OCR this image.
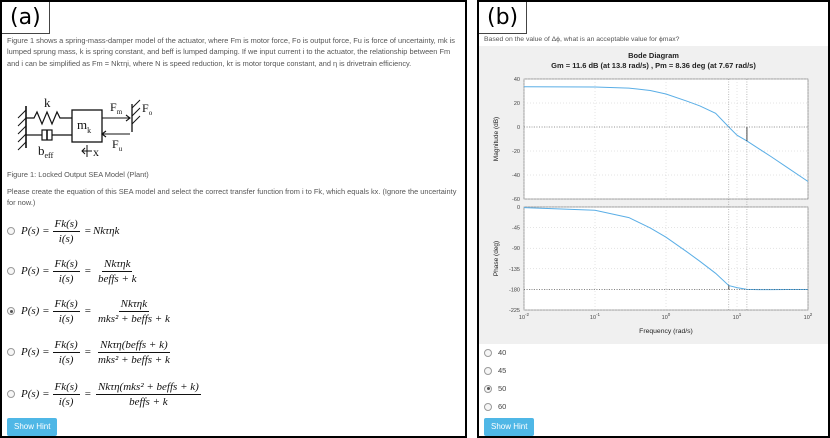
(a)
Figure 1 shows a spring-mass-damper model of the actuator, where Fm is motor force, Fo is output force, Fu is force of uncertainty, mk is lumped sprung mass, k is spring constant, and beff is lumped damping. If we input current i to the actuator, the relationship between Fm and i can be simplified as Fm = Nkτηi, where N is speed reduction, kτ is motor torque constant, and η is drivetrain efficiency.
k
$b_{eff}$
$m_k$
x
$F_m$ $F_o$
$F_u$
Figure 1: Locked Output SEA Model (Plant)
Please create the equation of this SEA model and select the correct transfer function from i to Fk, which equals kx. (Ignore the uncertainty for now.)
$P(s) = \frac{Fk(s)}{i(s)} = Nk\tau\eta k$
$P(s) = \frac{Fk(s)}{i(s)} = \frac{\text{Nkτηk}}{\text{beffs + k}}$
$P(s) = \frac{Fk(s)}{i(s)} = \frac{\text{Nkτηk}}{\text{mks² + beffs + k}}$
$P(s) = \frac{Fk(s)}{i(s)} = \frac{\text{Nkτη(beffs + k)}}{\text{mks² + beffs + k}}$
$P(s) = \frac{Fk(s)}{i(s)} = \frac{\text{Nkτη(mks² + beffs + k)}}{\text{beffs + k}}$
Show Hint
(b)
Based on the value of Δϕ, what is an acceptable value for ϕmax?
Bode Diagram
Gm = 11.6 dB (at 13.8 rad/s) , Pm = 8.36 deg (at 7.67 rad/s)
-60
-40
-20
0
20
40
Magnitude (dB)
-225
-180
-135
-90
-45
0
Phase (deg)
$10^{-2}$
$10^{-1}$
$10^0$
$10^1$
$10^2$
Frequency (rad/s)
40
45
50
60
Show Hint
